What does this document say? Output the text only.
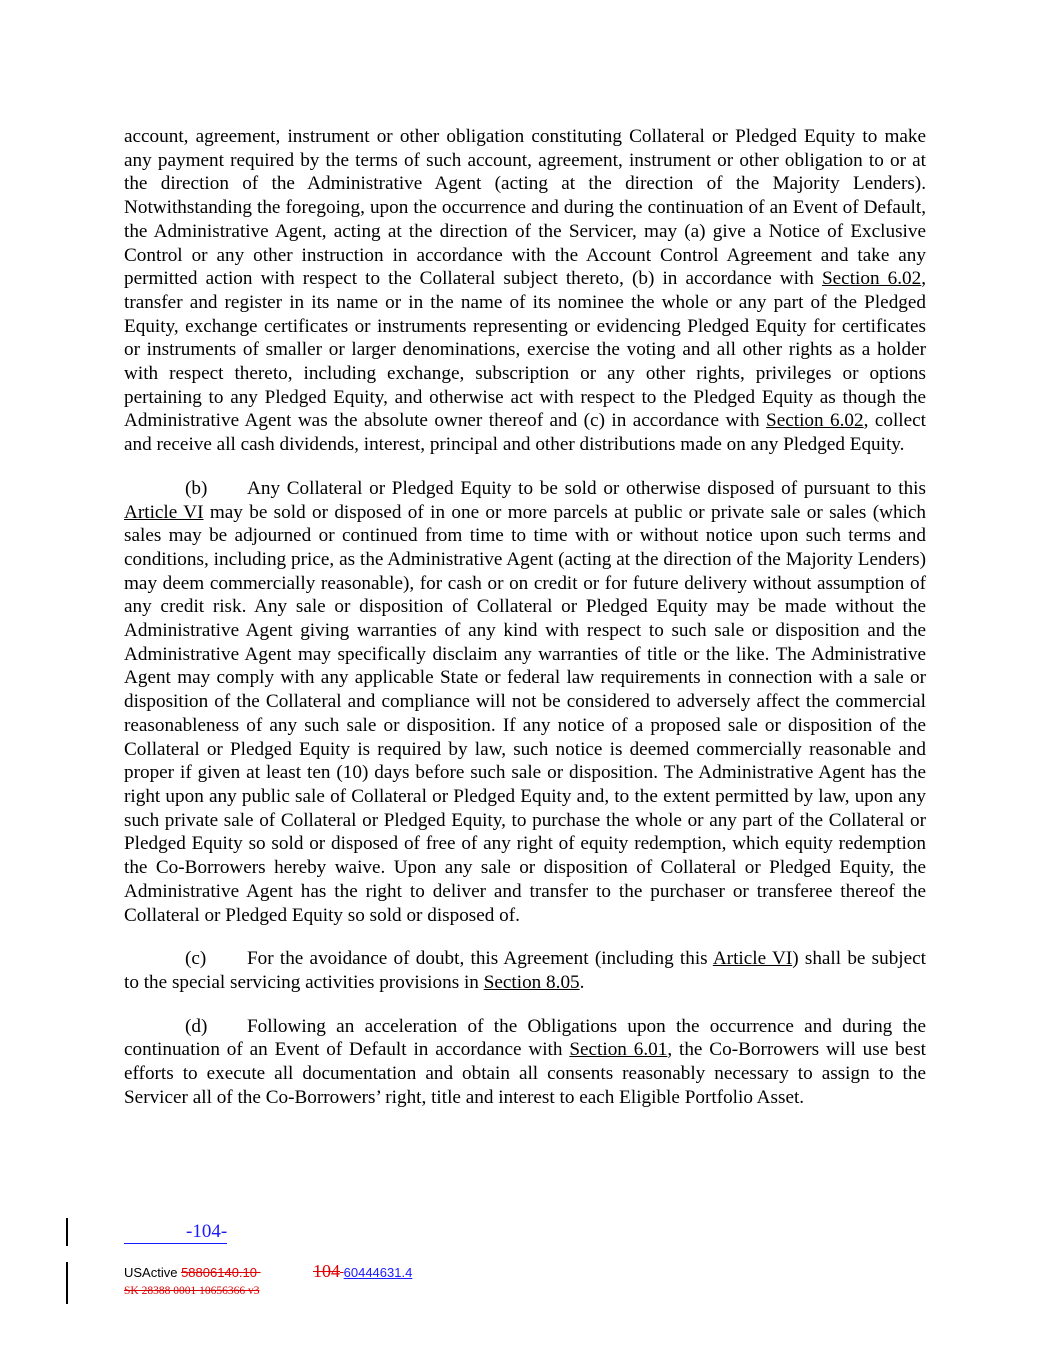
account, agreement, instrument or other obligation constituting Collateral or Pledged Equity to make any payment required by the terms of such account, agreement, instrument or other obligation to or at the direction of the Administrative Agent (acting at the direction of the Majority Lenders). Notwithstanding the foregoing, upon the occurrence and during the continuation of an Event of Default, the Administrative Agent, acting at the direction of the Servicer, may (a) give a Notice of Exclusive Control or any other instruction in accordance with the Account Control Agreement and take any permitted action with respect to the Collateral subject thereto, (b) in accordance with Section 6.02, transfer and register in its name or in the name of its nominee the whole or any part of the Pledged Equity, exchange certificates or instruments representing or evidencing Pledged Equity for certificates or instruments of smaller or larger denominations, exercise the voting and all other rights as a holder with respect thereto, including exchange, subscription or any other rights, privileges or options pertaining to any Pledged Equity, and otherwise act with respect to the Pledged Equity as though the Administrative Agent was the absolute owner thereof and (c) in accordance with Section 6.02, collect and receive all cash dividends, interest, principal and other distributions made on any Pledged Equity.

(b) Any Collateral or Pledged Equity to be sold or otherwise disposed of pursuant to this Article VI may be sold or disposed of in one or more parcels at public or private sale or sales (which sales may be adjourned or continued from time to time with or without notice upon such terms and conditions, including price, as the Administrative Agent (acting at the direction of the Majority Lenders) may deem commercially reasonable), for cash or on credit or for future delivery without assumption of any credit risk. Any sale or disposition of Collateral or Pledged Equity may be made without the Administrative Agent giving warranties of any kind with respect to such sale or disposition and the Administrative Agent may specifically disclaim any warranties of title or the like. The Administrative Agent may comply with any applicable State or federal law requirements in connection with a sale or disposition of the Collateral and compliance will not be considered to adversely affect the commercial reasonableness of any such sale or disposition. If any notice of a proposed sale or disposition of the Collateral or Pledged Equity is required by law, such notice is deemed commercially reasonable and proper if given at least ten (10) days before such sale or disposition. The Administrative Agent has the right upon any public sale of Collateral or Pledged Equity and, to the extent permitted by law, upon any such private sale of Collateral or Pledged Equity, to purchase the whole or any part of the Collateral or Pledged Equity so sold or disposed of free of any right of equity redemption, which equity redemption the Co-Borrowers hereby waive. Upon any sale or disposition of Collateral or Pledged Equity, the Administrative Agent has the right to deliver and transfer to the purchaser or transferee thereof the Collateral or Pledged Equity so sold or disposed of.

(c) For the avoidance of doubt, this Agreement (including this Article VI) shall be subject to the special servicing activities provisions in Section 8.05.

(d) Following an acceleration of the Obligations upon the occurrence and during the continuation of an Event of Default in accordance with Section 6.01, the Co-Borrowers will use best efforts to execute all documentation and obtain all consents reasonably necessary to assign to the Servicer all of the Co-Borrowers’ right, title and interest to each Eligible Portfolio Asset.

-104-
USActive 58806140.10	104 60444631.4
SK 28388 0001 10656366 v3
